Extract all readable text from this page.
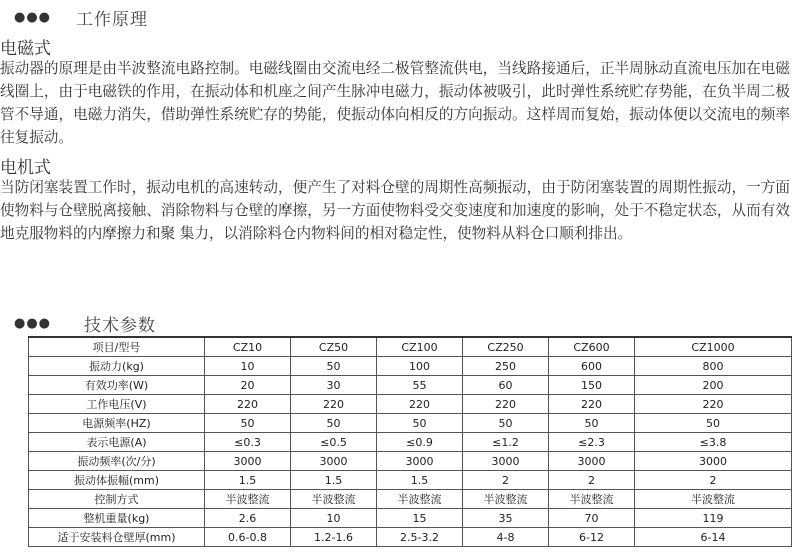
●●●	工作原理
电磁式
振动器的原理是由半波整流电路控制。电磁线圈由交流电经二极管整流供电，当线路接通后，正半周脉动直流电压加在电磁线圈上，由于电磁铁的作用，在振动体和机座之间产生脉冲电磁力，振动体被吸引，此时弹性系统贮存势能，在负半周二极管不导通，电磁力消失，借助弹性系统贮存的势能，使振动体向相反的方向振动。这样周而复始，振动体便以交流电的频率往复振动。
电机式
当防闭塞装置工作时，振动电机的高速转动，便产生了对料仓壁的周期性高频振动，由于防闭塞装置的周期性振动，一方面使物料与仓壁脱离接触、消除物料与仓壁的摩擦，另一方面使物料受交变速度和加速度的影响，处于不稳定状态，从而有效地克服物料的内摩擦力和聚 集力，以消除料仓内物料间的相对稳定性，使物料从料仓口顺利排出。
●●●	技术参数
项目/型号	CZ10	CZ50	CZ100	CZ250	CZ600	CZ1000
振动力(kg)	10	50	100	250	600	800
有效功率(W)	20	30	55	60	150	200
工作电压(V)	220	220	220	220	220	220
电源频率(HZ)	50	50	50	50	50	50
表示电源(A)	≤0.3	≤0.5	≤0.9	≤1.2	≤2.3	≤3.8
振动频率(次/分)	3000	3000	3000	3000	3000	3000
振动体振幅(mm)	1.5	1.5	1.5	2	2	2
控制方式	半波整流	半波整流	半波整流	半波整流	半波整流	半波整流
整机重量(kg)	2.6	10	15	35	70	119
适于安装料仓壁厚(mm)	0.6-0.8	1.2-1.6	2.5-3.2	4-8	6-12	6-14
